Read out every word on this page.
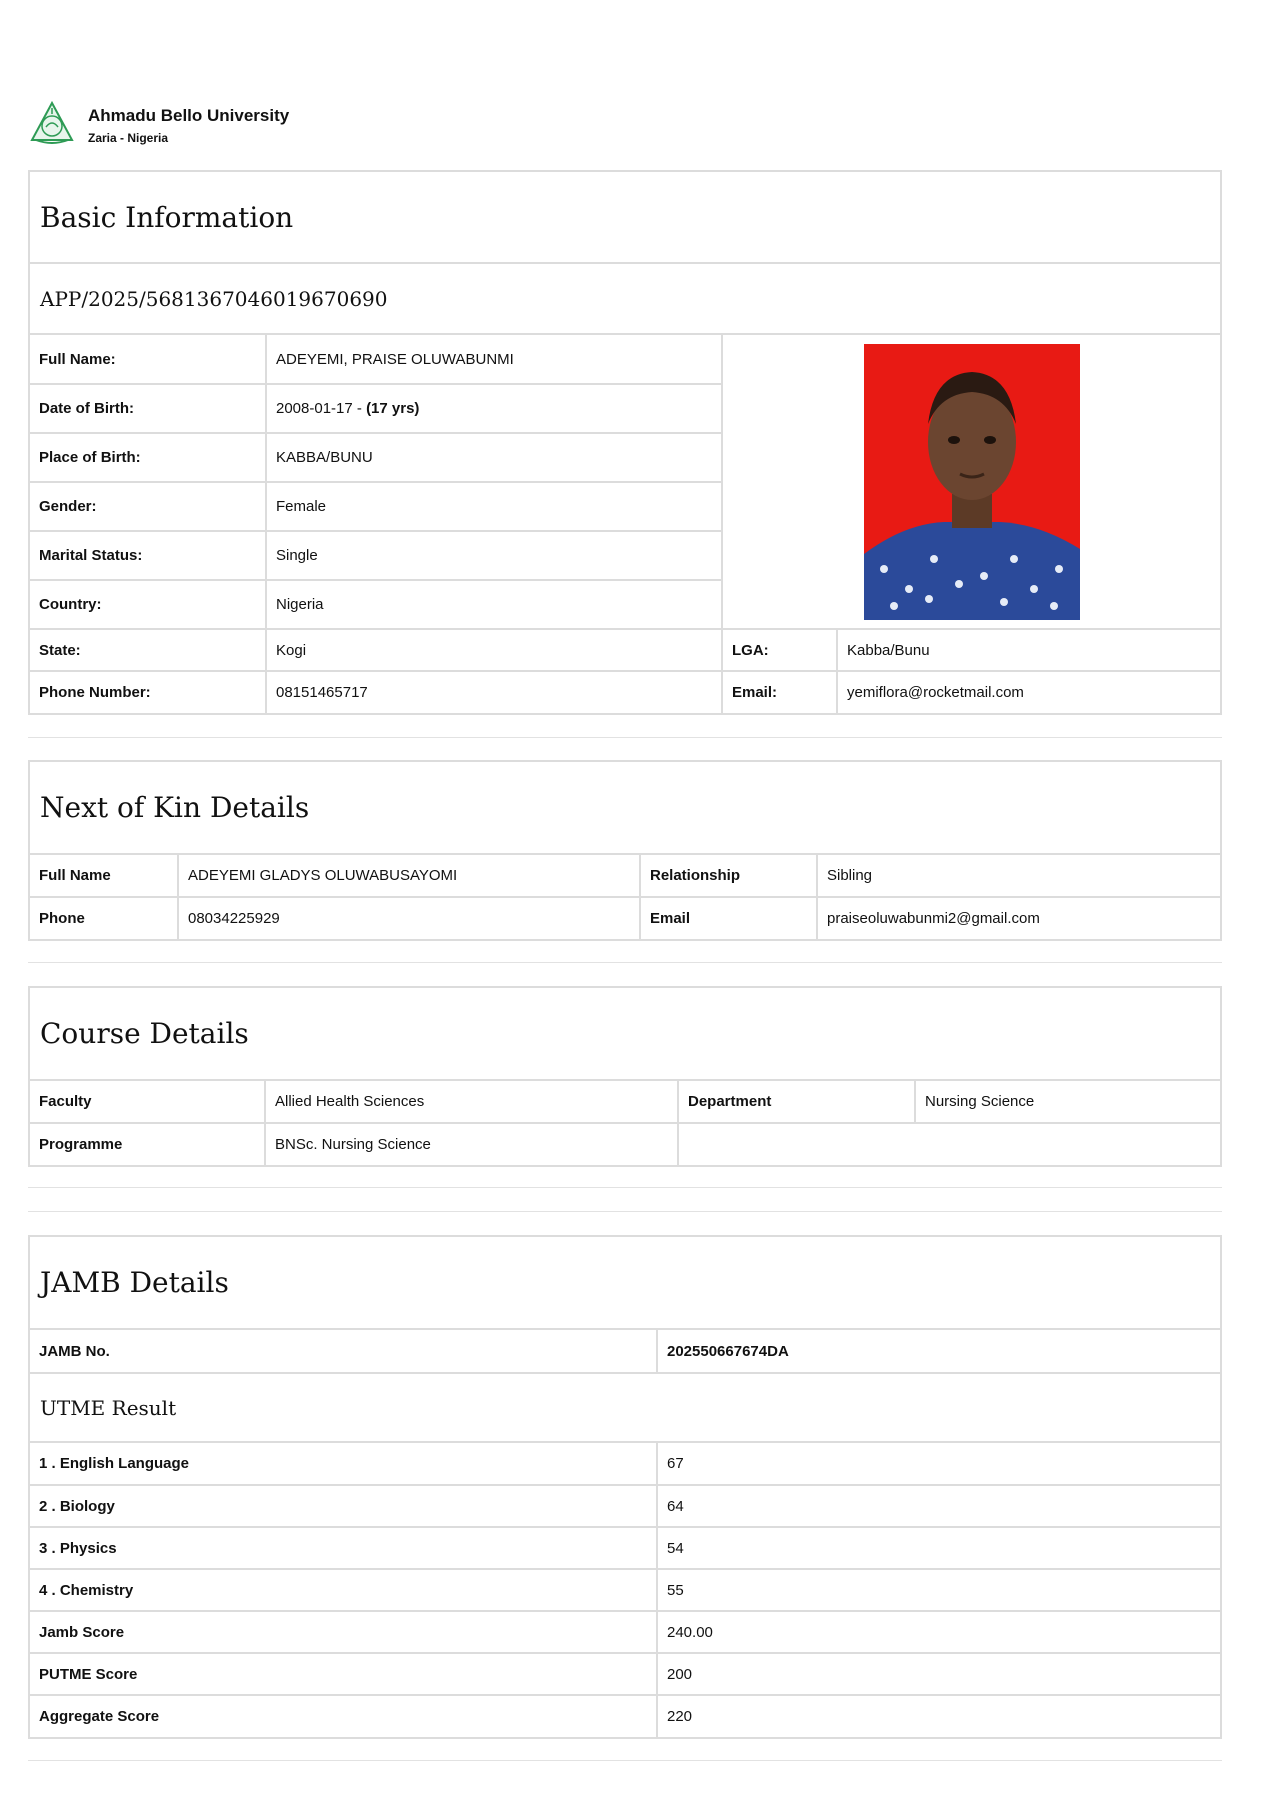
Ahmadu Bello University
Zaria - Nigeria
Basic Information
APP/2025/5681367046019670690
Full Name:	ADEYEMI, PRAISE OLUWABUNMI	
Date of Birth:	2008-01-17 - (17 yrs)		
Place of Birth:	KABBA/BUNU		
Gender:	Female		
Marital Status:	Single		
Country:	Nigeria		
State:	Kogi	LGA:	Kabba/Bunu
Phone Number:	08151465717	Email:	yemiflora@rocketmail.com
Next of Kin Details
Full Name	ADEYEMI GLADYS OLUWABUSAYOMI	Relationship	Sibling
Phone	08034225929	Email	praiseoluwabunmi2@gmail.com
Course Details
Faculty	Allied Health Sciences	Department	Nursing Science
Programme	BNSc. Nursing Science		
JAMB Details
JAMB No.	202550667674DA
UTME Result
1 . English Language	67
2 . Biology	64
3 . Physics	54
4 . Chemistry	55
Jamb Score	240.00
PUTME Score	200
Aggregate Score	220
